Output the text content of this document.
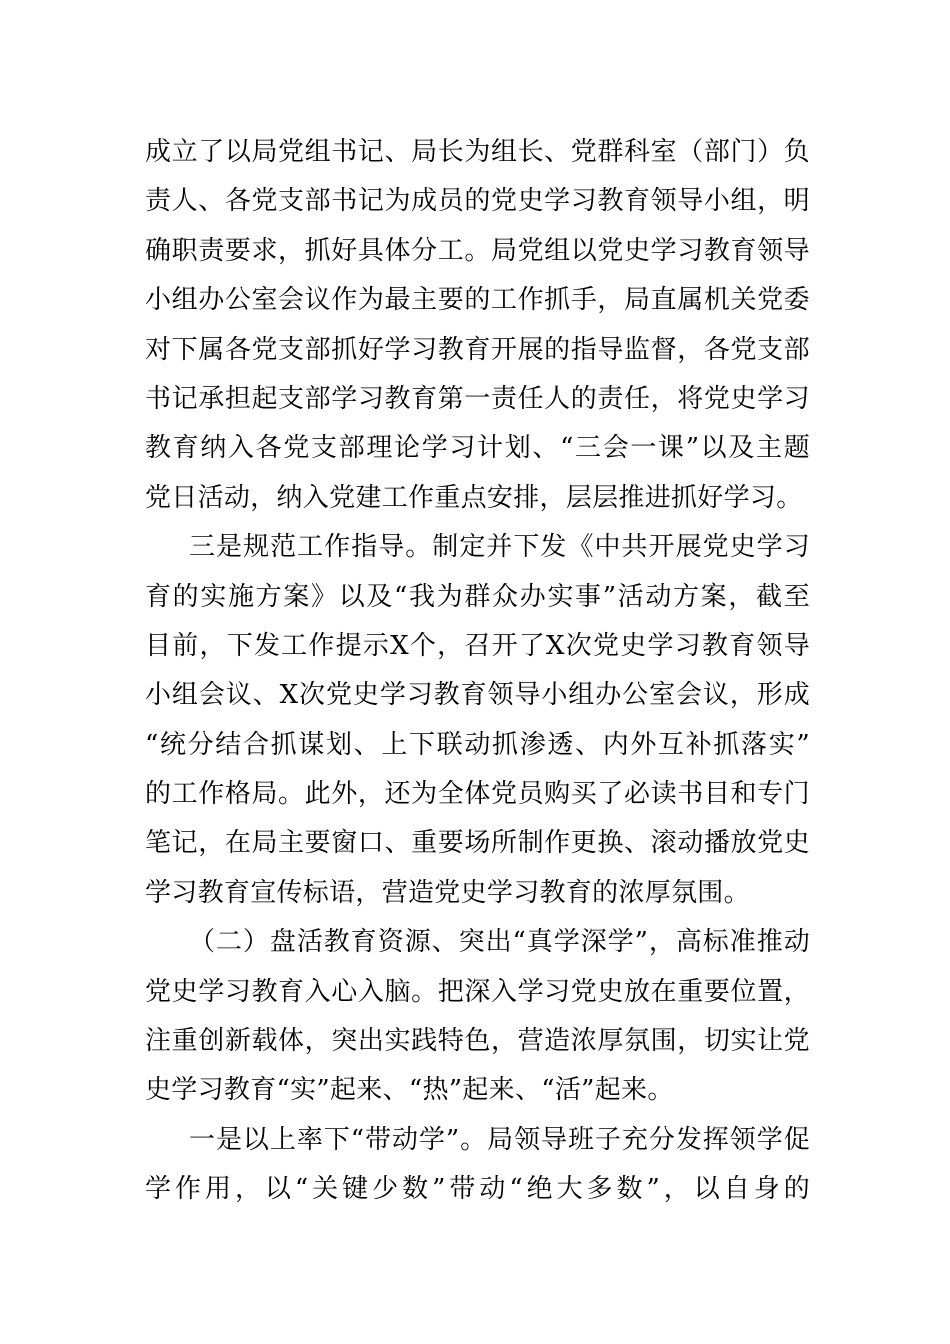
成立了以局党组书记、局长为组长、党群科室（部门）负
责人、各党支部书记为成员的党史学习教育领导小组，明
确职责要求，抓好具体分工。局党组以党史学习教育领导
小组办公室会议作为最主要的工作抓手，局直属机关党委
对下属各党支部抓好学习教育开展的指导监督，各党支部
书记承担起支部学习教育第一责任人的责任，将党史学习
教育纳入各党支部理论学习计划、“三会一课”以及主题
党日活动，纳入党建工作重点安排，层层推进抓好学习。
三是规范工作指导。制定并下发《中共开展党史学习
育的实施方案》以及“我为群众办实事”活动方案，截至
目前，下发工作提示X个，召开了X次党史学习教育领导
小组会议、X次党史学习教育领导小组办公室会议，形成
“统分结合抓谋划、上下联动抓渗透、内外互补抓落实”
的工作格局。此外，还为全体党员购买了必读书目和专门
笔记，在局主要窗口、重要场所制作更换、滚动播放党史
学习教育宣传标语，营造党史学习教育的浓厚氛围。
（二）盘活教育资源、突出“真学深学”，高标准推动
党史学习教育入心入脑。把深入学习党史放在重要位置，
注重创新载体，突出实践特色，营造浓厚氛围，切实让党
史学习教育“实”起来、“热”起来、“活”起来。
一是以上率下“带动学”。局领导班子充分发挥领学促
学作用，以“关键少数”带动“绝大多数”，以自身的
